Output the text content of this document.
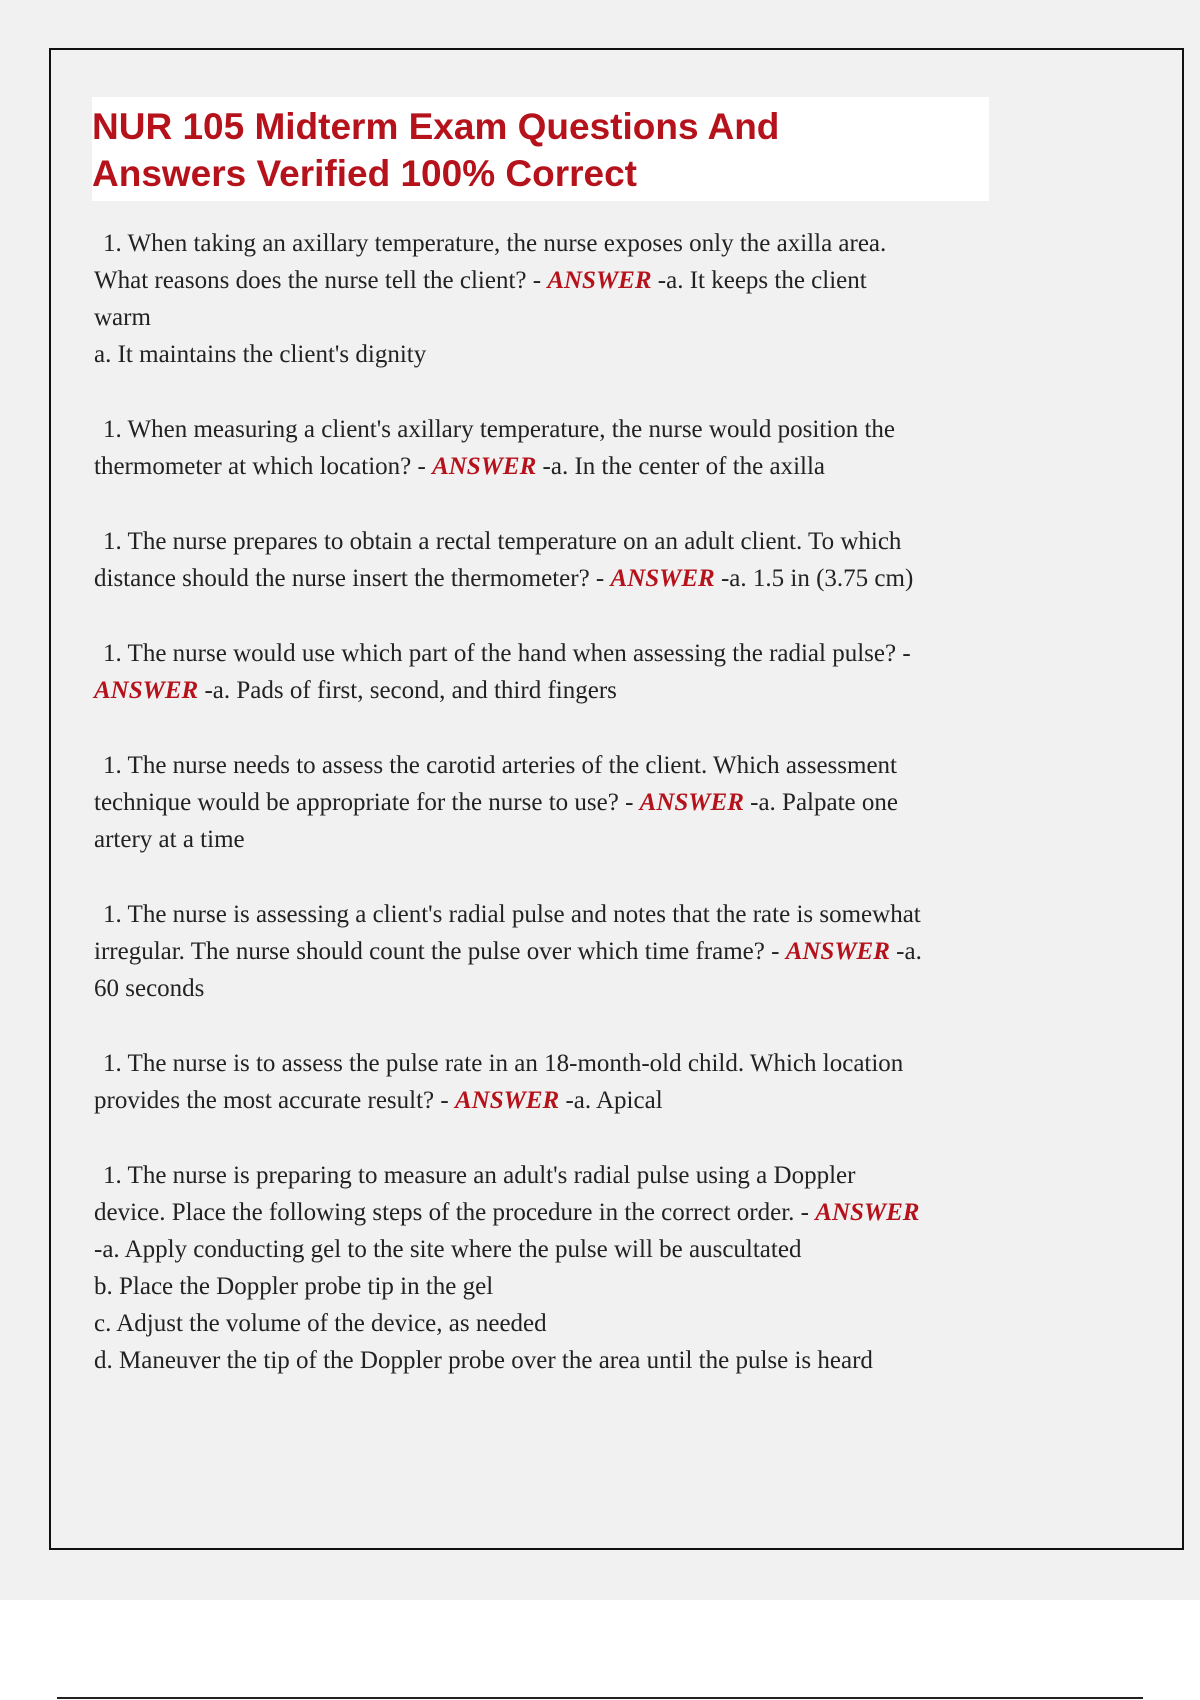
NUR 105 Midterm Exam Questions And
Answers Verified 100% Correct
1. When taking an axillary temperature, the nurse exposes only the axilla area.
What reasons does the nurse tell the client? - ANSWER -a. It keeps the client
warm
a. It maintains the client's dignity
1. When measuring a client's axillary temperature, the nurse would position the
thermometer at which location? - ANSWER -a. In the center of the axilla
1. The nurse prepares to obtain a rectal temperature on an adult client. To which
distance should the nurse insert the thermometer? - ANSWER -a. 1.5 in (3.75 cm)
1. The nurse would use which part of the hand when assessing the radial pulse? -
ANSWER -a. Pads of first, second, and third fingers
1. The nurse needs to assess the carotid arteries of the client. Which assessment
technique would be appropriate for the nurse to use? - ANSWER -a. Palpate one
artery at a time
1. The nurse is assessing a client's radial pulse and notes that the rate is somewhat
irregular. The nurse should count the pulse over which time frame? - ANSWER -a.
60 seconds
1. The nurse is to assess the pulse rate in an 18-month-old child. Which location
provides the most accurate result? - ANSWER -a. Apical
1. The nurse is preparing to measure an adult's radial pulse using a Doppler
device. Place the following steps of the procedure in the correct order. - ANSWER
-a. Apply conducting gel to the site where the pulse will be auscultated
b. Place the Doppler probe tip in the gel
c. Adjust the volume of the device, as needed
d. Maneuver the tip of the Doppler probe over the area until the pulse is heard
